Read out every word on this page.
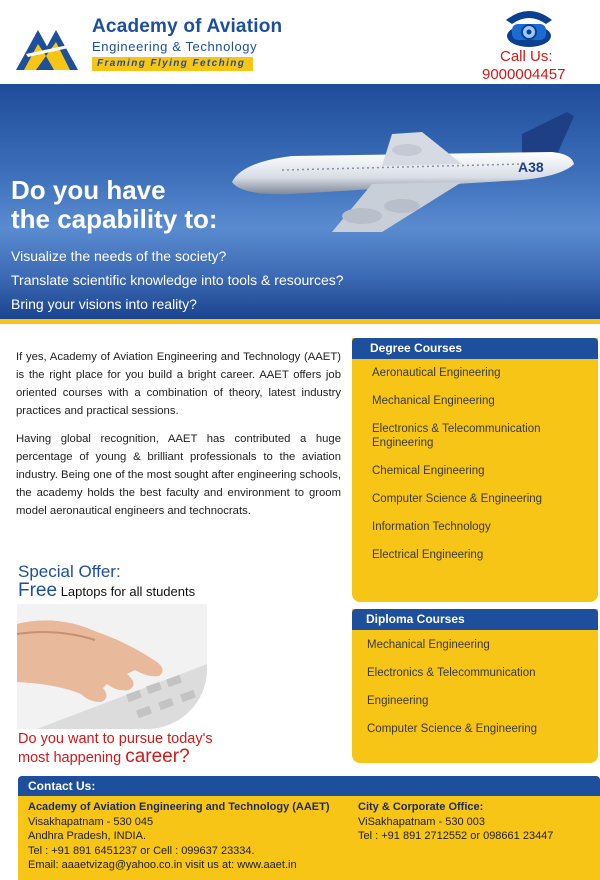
Academy of Aviation
Engineering & Technology
Framing Flying Fetching	Call Us:
9000004457
A38
Do you have
the capability to:
Visualize the needs of the society?
Translate scientific knowledge into tools & resources?
Bring your visions into reality?

If yes, Academy of Aviation Engineering and Technology (AAET) is the right place for you build a bright career. AAET offers job oriented courses with a combination of theory, latest industry practices and practical sessions.

Having global recognition, AAET has contributed a huge percentage of young & brilliant professionals to the aviation industry. Being one of the most sought after engineering schools, the academy holds the best faculty and environment to groom model aeronautical engineers and technocrats.

Special Offer:
Free Laptops for all students
Do you want to pursue today's
most happening career?
Degree Courses
Aeronautical Engineering
Mechanical Engineering
Electronics & Telecommunication Engineering
Chemical Engineering
Computer Science & Engineering
Information Technology
Electrical Engineering
Diploma Courses
Mechanical Engineering
Electronics & Telecommunication
Engineering
Computer Science & Engineering
Contact Us:
Academy of Aviation Engineering and Technology (AAET)
Visakhapatnam - 530 045
Andhra Pradesh, INDIA.
Tel : +91 891 6451237 or Cell : 099637 23334.
Email: aaaetvizag@yahoo.co.in visit us at: www.aaet.in
City & Corporate Office:
ViSakhapatnam - 530 003
Tel : +91 891 2712552 or 098661 23447
